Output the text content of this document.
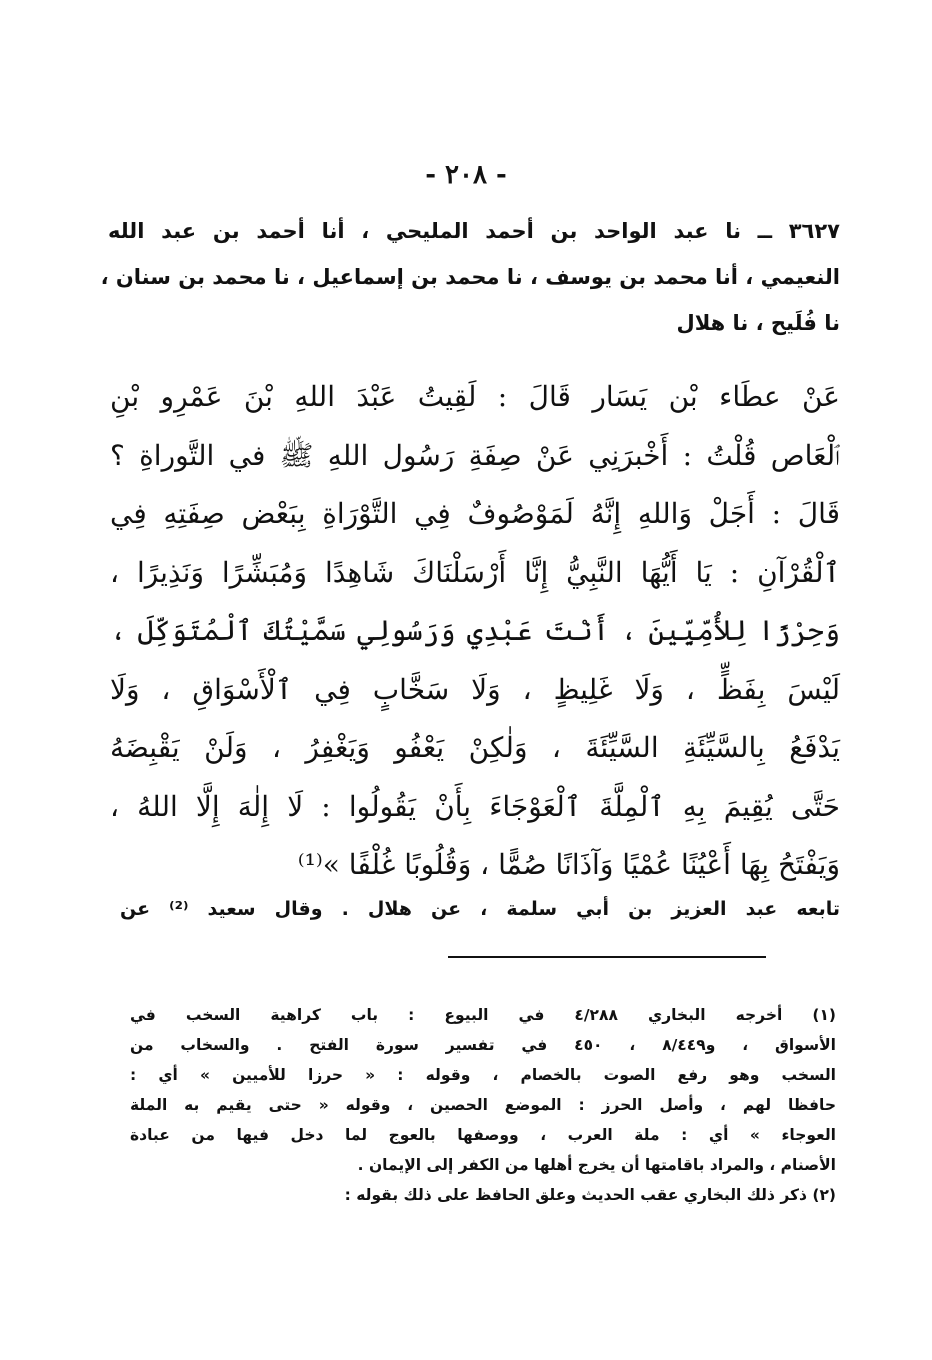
- ٢٠٨ -
٣٦٢٧ ــ نا عبد الواحد بن أحمد المليحي ، أنا أحمد بن عبد الله
النعيمي ، أنا محمد بن يوسف ، نا محمد بن إسماعيل ، نا محمد بن سنان ،
نا فُلَيح ، نا هلال
عَنْ عطَاء بْن يَسَار قَالَ : لَقِيتُ عَبْدَ اللهِ بْنَ عَمْرِو بْنِ
ٱلْعَاص قُلْتُ : أَخْبرَنِي عَنْ صِفَةِ رَسُول اللهِ ﷺ في التَّوراةِ ؟
قَالَ : أَجَلْ وَاللهِ إِنَّهُ لَمَوْصُوفٌ فِي التَّوْرَاةِ بِبَعْض صِفَتِهِ فِي
ٱلْقُرْآنِ : يَا أَيُّهَا النَّبِيُّ إِنَّا أَرْسَلْنَاكَ شَاهِدًا وَمُبَشِّرًا وَنَذِيرًا ،
وَحِرْزًا لِلأُمِّيِّينَ ، أَنْتَ عَبْدِي وَرَسُولِي سَمَّيْتُكَ ٱلْمُتَوَكِّلَ ،
لَيْسَ بِفَظٍّ ، وَلَا غَلِيظٍ ، وَلَا سَخَّابٍ فِي ٱلْأَسْوَاقِ ، وَلَا
يَدْفَعُ بِالسَّيِّئَةِ السَّيِّئَةَ ، وَلٰكِنْ يَعْفُو وَيَغْفِرُ ، وَلَنْ يَقْبِضَهُ
حَتَّى يُقِيمَ بِهِ ٱلْمِلَّةَ ٱلْعَوْجَاءَ بِأَنْ يَقُولُوا : لَا إِلٰهَ إِلَّا اللهُ ،
وَيَفْتَحُ بِهَا أَعْيُنًا عُمْيًا وَآذَانًا صُمًّا ، وَقُلُوبًا غُلْفًا »⁽¹⁾
تابعه عبد العزيز بن أبي سلمة ، عن هلال . وقال سعيد ⁽²⁾ عن
(١) أخرجه البخاري ٤/٢٨٨ في البيوع : باب كراهية السخب في
الأسواق ، و٨/٤٤٩ ، ٤٥٠ في تفسير سورة الفتح . والسخاب من
السخب وهو رفع الصوت بالخصام ، وقوله : « حرزا للأميين » أي :
حافظا لهم ، وأصل الحرز : الموضع الحصين ، وقوله « حتى يقيم به الملة
العوجاء » أي : ملة العرب ، ووصفها بالعوج لما دخل فيها من عبادة
الأصنام ، والمراد باقامتها أن يخرج أهلها من الكفر إلى الإيمان .
(٢) ذكر ذلك البخاري عقب الحديث وعلق الحافظ على ذلك بقوله :
